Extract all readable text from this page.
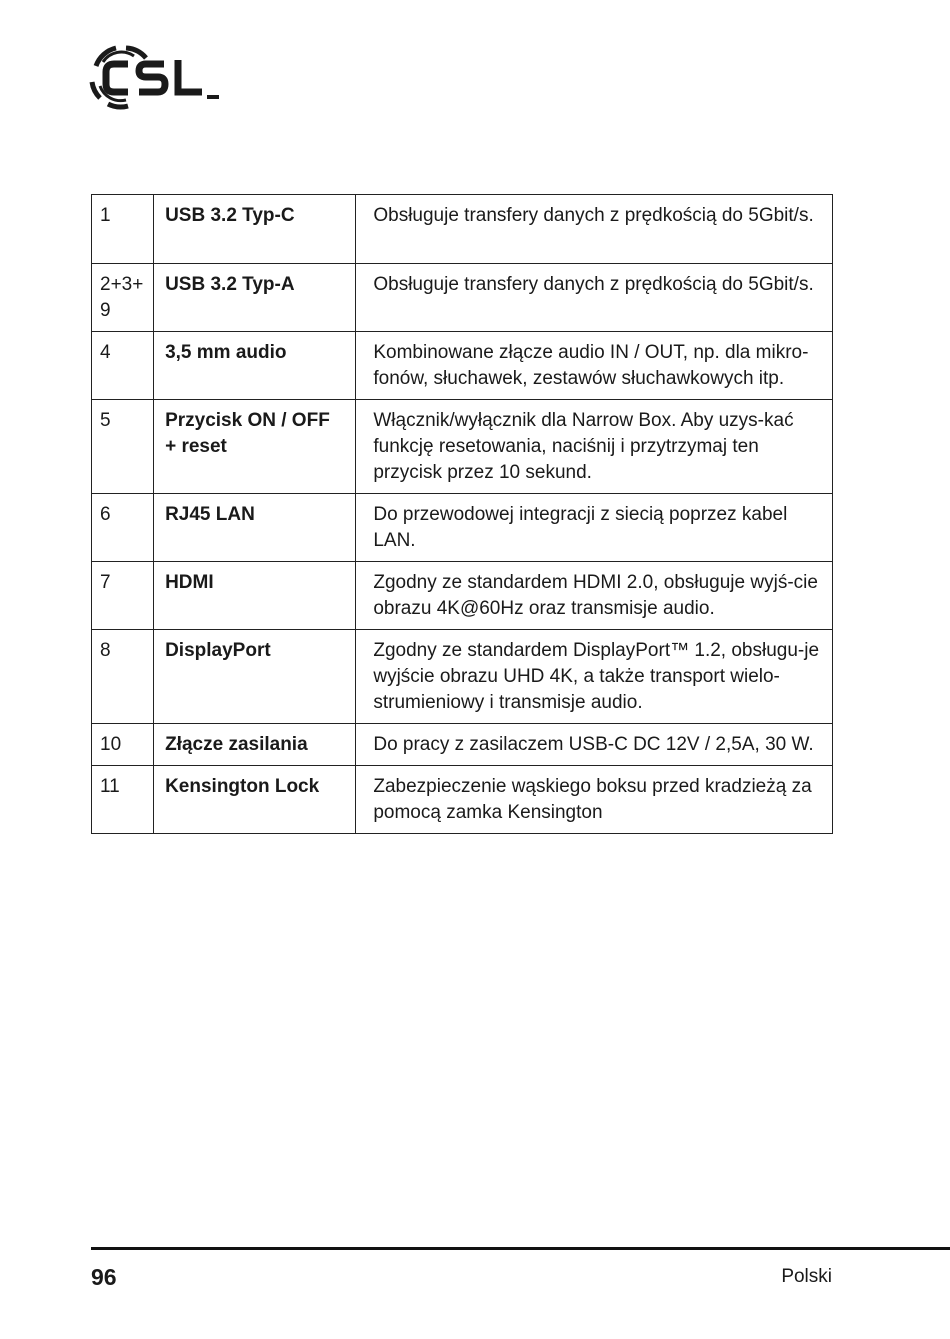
1	USB 3.2 Typ-C	Obsługuje transfery danych z prędkością do 5Gbit/s.
2+3+ 9	USB 3.2 Typ-A	Obsługuje transfery danych z prędkością do 5Gbit/s.
4	3,5 mm audio	Kombinowane złącze audio IN / OUT, np. dla mikro-fonów, słuchawek, zestawów słuchawkowych itp.
5	Przycisk ON / OFF + reset	Włącznik/wyłącznik dla Narrow Box. Aby uzys-kać funkcję resetowania, naciśnij i przytrzymaj ten przycisk przez 10 sekund.
6	RJ45 LAN	Do przewodowej integracji z siecią poprzez kabel LAN.
7	HDMI	Zgodny ze standardem HDMI 2.0, obsługuje wyjś-cie obrazu 4K@60Hz oraz transmisje audio.
8	DisplayPort	Zgodny ze standardem DisplayPort™ 1.2, obsługu-je wyjście obrazu UHD 4K, a także transport wielo-strumieniowy i transmisje audio.
10	Złącze zasilania	Do pracy z zasilaczem USB-C DC 12V / 2,5A, 30 W.
11	Kensington Lock	Zabezpieczenie wąskiego boksu przed kradzieżą za pomocą zamka Kensington
96	Polski
